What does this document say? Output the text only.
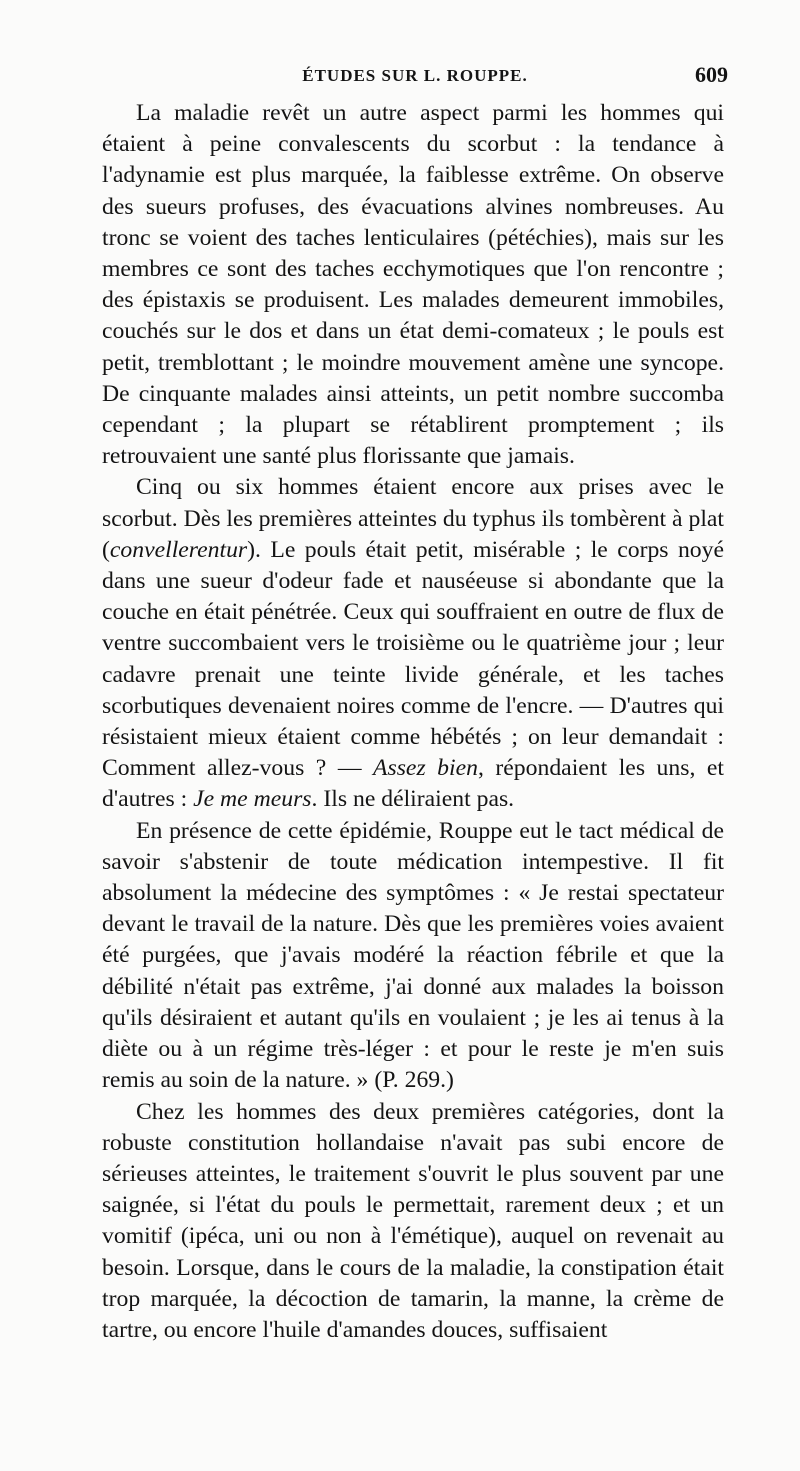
ÉTUDES SUR L. ROUPPE.	609

La maladie revêt un autre aspect parmi les hommes qui étaient à peine convalescents du scorbut : la tendance à l'adynamie est plus marquée, la faiblesse extrême. On observe des sueurs profuses, des évacuations alvines nombreuses. Au tronc se voient des taches lenticulaires (pétéchies), mais sur les membres ce sont des taches ecchymotiques que l'on rencontre ; des épistaxis se produisent. Les malades demeurent immobiles, couchés sur le dos et dans un état demi-comateux ; le pouls est petit, tremblottant ; le moindre mouvement amène une syncope. De cinquante malades ainsi atteints, un petit nombre succomba cependant ; la plupart se rétablirent promptement ; ils retrouvaient une santé plus florissante que jamais.

Cinq ou six hommes étaient encore aux prises avec le scorbut. Dès les premières atteintes du typhus ils tombèrent à plat (convellerentur). Le pouls était petit, misérable ; le corps noyé dans une sueur d'odeur fade et nauséeuse si abondante que la couche en était pénétrée. Ceux qui souffraient en outre de flux de ventre succombaient vers le troisième ou le quatrième jour ; leur cadavre prenait une teinte livide générale, et les taches scorbutiques devenaient noires comme de l'encre. — D'autres qui résistaient mieux étaient comme hébétés ; on leur demandait : Comment allez-vous ? — Assez bien, répondaient les uns, et d'autres : Je me meurs. Ils ne déliraient pas.

En présence de cette épidémie, Rouppe eut le tact médical de savoir s'abstenir de toute médication intempestive. Il fit absolument la médecine des symptômes : « Je restai spectateur devant le travail de la nature. Dès que les premières voies avaient été purgées, que j'avais modéré la réaction fébrile et que la débilité n'était pas extrême, j'ai donné aux malades la boisson qu'ils désiraient et autant qu'ils en voulaient ; je les ai tenus à la diète ou à un régime très-léger : et pour le reste je m'en suis remis au soin de la nature. » (P. 269.)

Chez les hommes des deux premières catégories, dont la robuste constitution hollandaise n'avait pas subi encore de sérieuses atteintes, le traitement s'ouvrit le plus souvent par une saignée, si l'état du pouls le permettait, rarement deux ; et un vomitif (ipéca, uni ou non à l'émétique), auquel on revenait au besoin. Lorsque, dans le cours de la maladie, la constipation était trop marquée, la décoction de tamarin, la manne, la crème de tartre, ou encore l'huile d'amandes douces, suffisaient
